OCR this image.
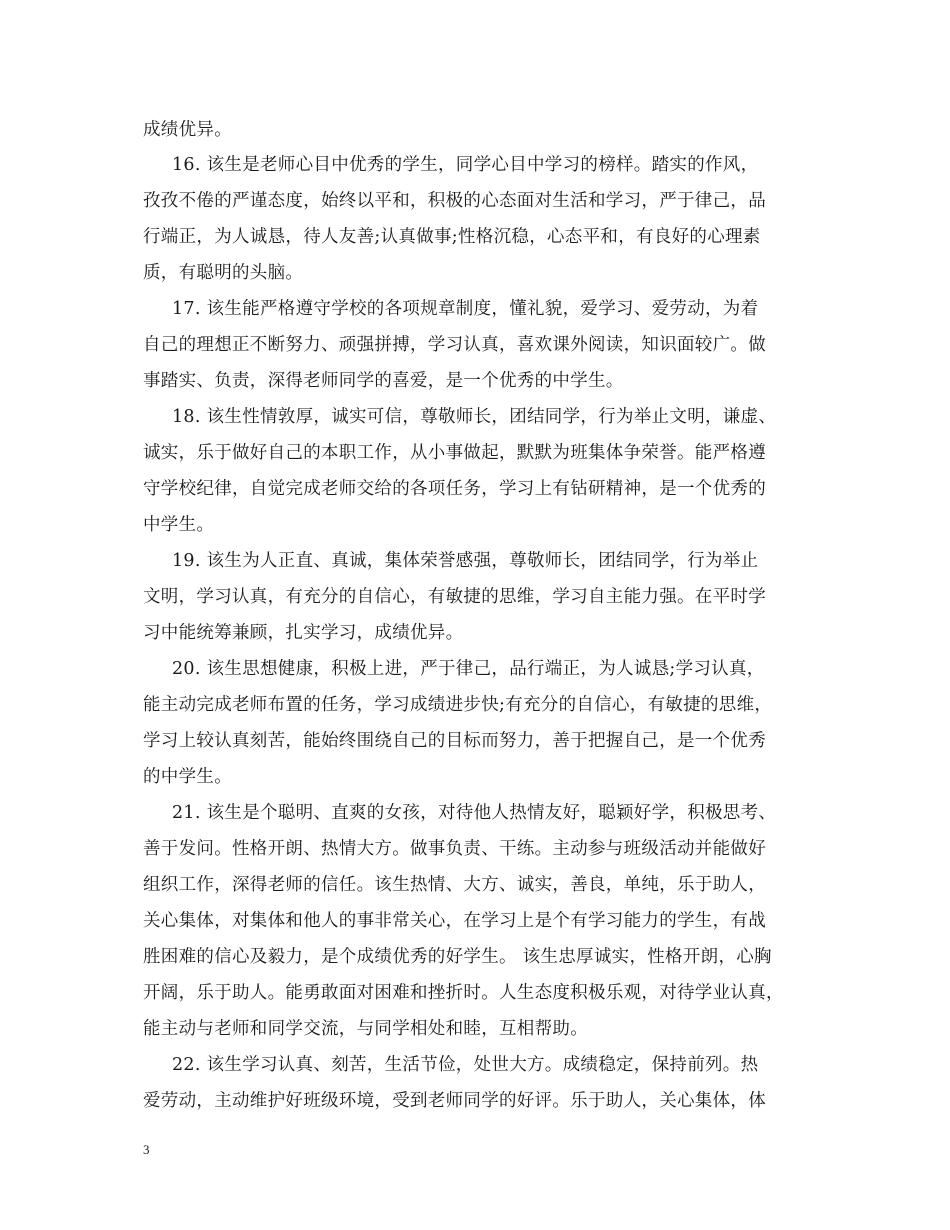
成绩优异。
16. 该生是老师心目中优秀的学生，同学心目中学习的榜样。踏实的作风，
孜孜不倦的严谨态度，始终以平和，积极的心态面对生活和学习，严于律己，品
行端正，为人诚恳，待人友善;认真做事;性格沉稳，心态平和，有良好的心理素
质，有聪明的头脑。
17. 该生能严格遵守学校的各项规章制度，懂礼貌，爱学习、爱劳动，为着
自己的理想正不断努力、顽强拼搏，学习认真，喜欢课外阅读，知识面较广。做
事踏实、负责，深得老师同学的喜爱，是一个优秀的中学生。
18. 该生性情敦厚，诚实可信，尊敬师长，团结同学，行为举止文明，谦虚、
诚实，乐于做好自己的本职工作，从小事做起，默默为班集体争荣誉。能严格遵
守学校纪律，自觉完成老师交给的各项任务，学习上有钻研精神，是一个优秀的
中学生。
19. 该生为人正直、真诚，集体荣誉感强，尊敬师长，团结同学，行为举止
文明，学习认真，有充分的自信心，有敏捷的思维，学习自主能力强。在平时学
习中能统筹兼顾，扎实学习，成绩优异。
20. 该生思想健康，积极上进，严于律己，品行端正，为人诚恳;学习认真，
能主动完成老师布置的任务，学习成绩进步快;有充分的自信心，有敏捷的思维，
学习上较认真刻苦，能始终围绕自己的目标而努力，善于把握自己，是一个优秀
的中学生。
21. 该生是个聪明、直爽的女孩，对待他人热情友好，聪颖好学，积极思考、
善于发问。性格开朗、热情大方。做事负责、干练。主动参与班级活动并能做好
组织工作，深得老师的信任。该生热情、大方、诚实，善良，单纯，乐于助人，
关心集体，对集体和他人的事非常关心，在学习上是个有学习能力的学生，有战
胜困难的信心及毅力，是个成绩优秀的好学生。 该生忠厚诚实，性格开朗，心胸
开阔，乐于助人。能勇敢面对困难和挫折时。人生态度积极乐观，对待学业认真，
能主动与老师和同学交流，与同学相处和睦，互相帮助。
22. 该生学习认真、刻苦，生活节俭，处世大方。成绩稳定，保持前列。热
爱劳动，主动维护好班级环境，受到老师同学的好评。乐于助人，关心集体，体
3
